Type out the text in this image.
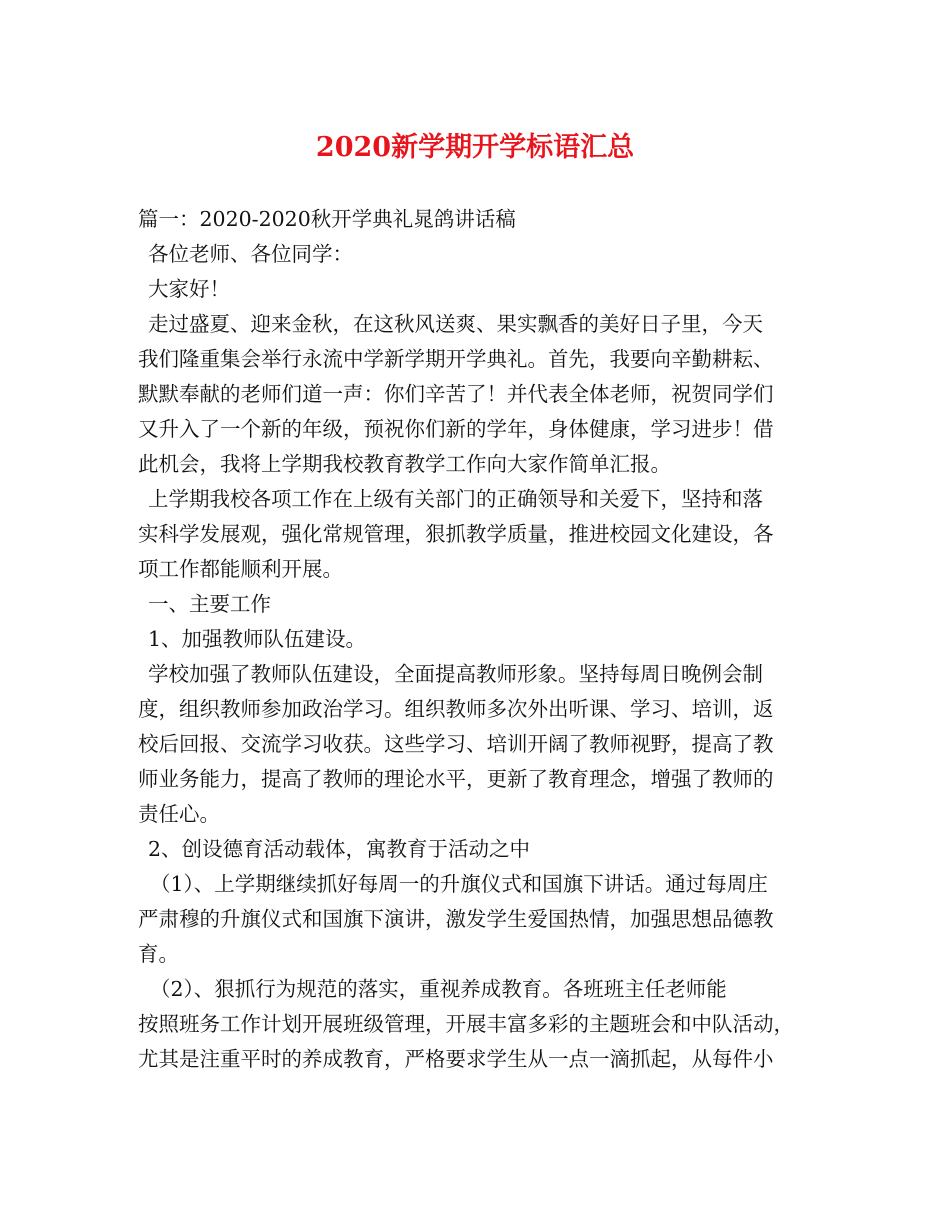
2020新学期开学标语汇总
篇一：2020-2020秋开学典礼晁鸽讲话稿
各位老师、各位同学：
大家好！
走过盛夏、迎来金秋，在这秋风送爽、果实飘香的美好日子里，今天
我们隆重集会举行永流中学新学期开学典礼。首先，我要向辛勤耕耘、
默默奉献的老师们道一声：你们辛苦了！并代表全体老师，祝贺同学们
又升入了一个新的年级，预祝你们新的学年，身体健康，学习进步！借
此机会，我将上学期我校教育教学工作向大家作简单汇报。
上学期我校各项工作在上级有关部门的正确领导和关爱下，坚持和落
实科学发展观，强化常规管理，狠抓教学质量，推进校园文化建设，各
项工作都能顺利开展。
一、主要工作
1、加强教师队伍建设。
学校加强了教师队伍建设，全面提高教师形象。坚持每周日晚例会制
度，组织教师参加政治学习。组织教师多次外出听课、学习、培训，返
校后回报、交流学习收获。这些学习、培训开阔了教师视野，提高了教
师业务能力，提高了教师的理论水平，更新了教育理念，增强了教师的
责任心。
2、创设德育活动载体，寓教育于活动之中
（1）、上学期继续抓好每周一的升旗仪式和国旗下讲话。通过每周庄
严肃穆的升旗仪式和国旗下演讲，激发学生爱国热情，加强思想品德教
育。
（2）、狠抓行为规范的落实，重视养成教育。各班班主任老师能
按照班务工作计划开展班级管理，开展丰富多彩的主题班会和中队活动，
尤其是注重平时的养成教育，严格要求学生从一点一滴抓起，从每件小
